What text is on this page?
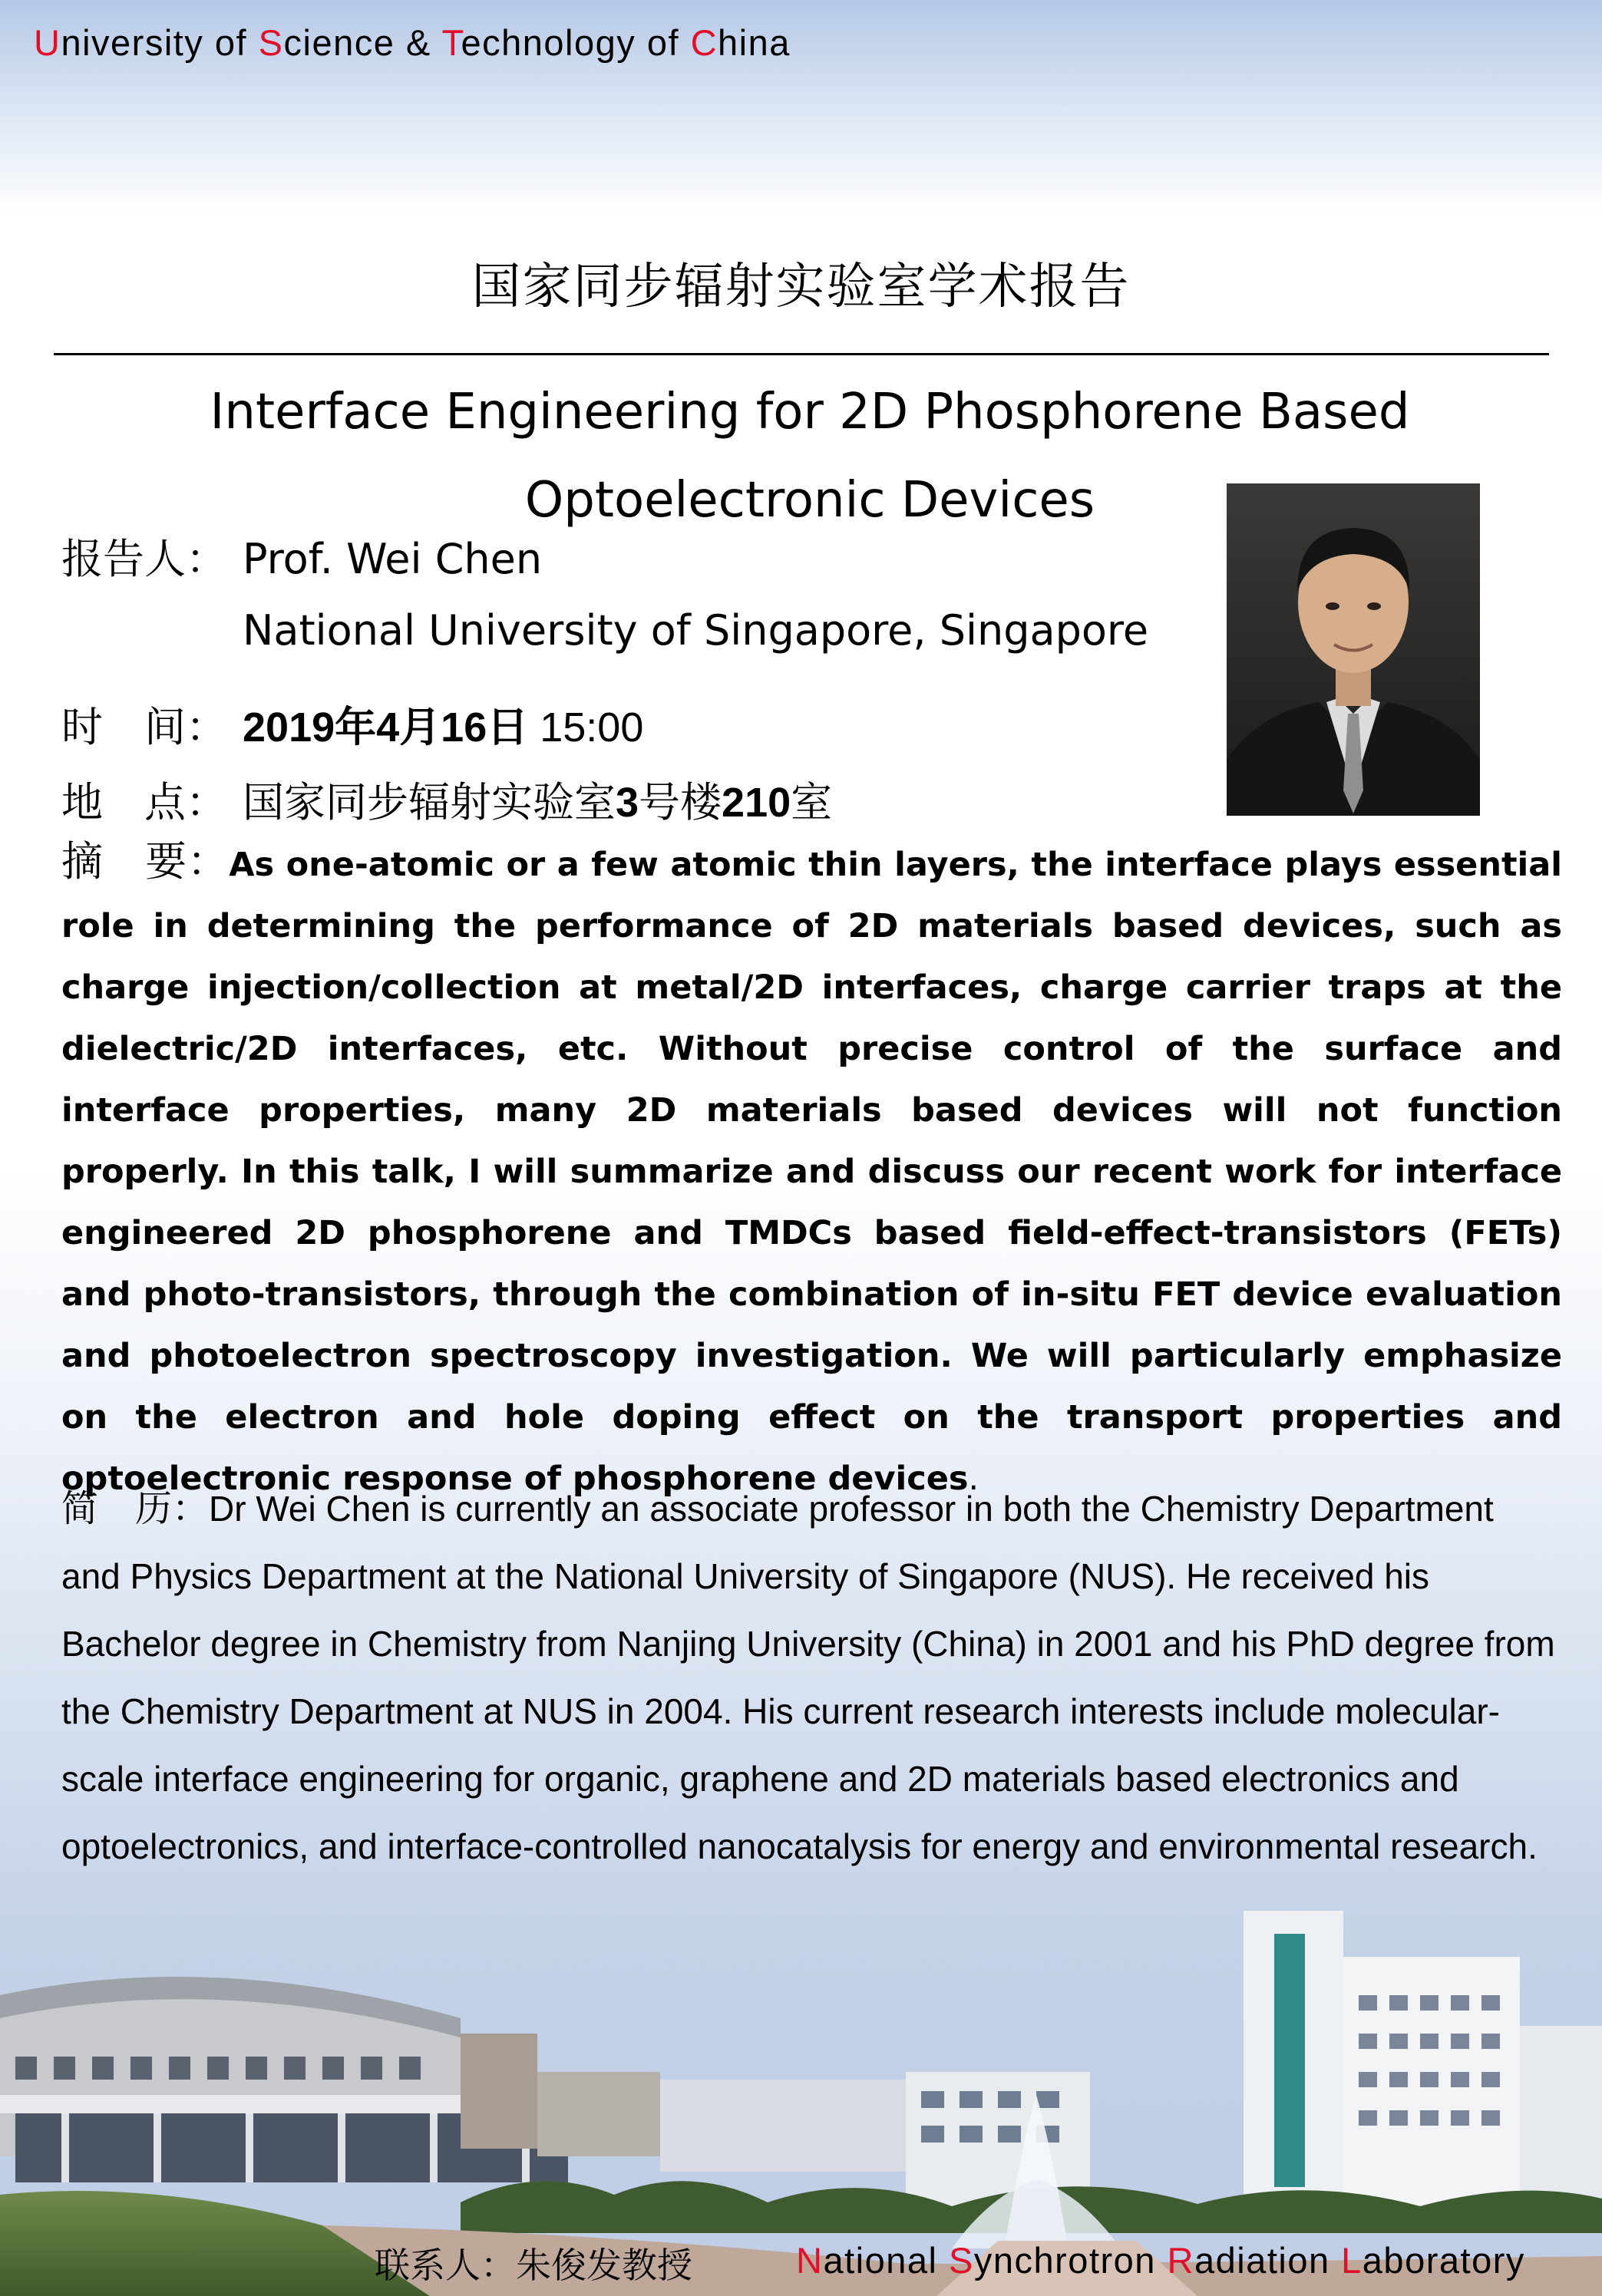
University of Science & Technology of China
国家同步辐射实验室学术报告
Interface Engineering for 2D Phosphorene Based
Optoelectronic Devices
报告人： Prof. Wei Chen
National University of Singapore, Singapore
时　间： 2019年4月16日 15:00
地　点： 国家同步辐射实验室3号楼210室
摘　要：As one-atomic or a few atomic thin layers, the interface plays essential role in determining the performance of 2D materials based devices, such as charge injection/collection at metal/2D interfaces, charge carrier traps at the dielectric/2D interfaces, etc. Without precise control of the surface and interface properties, many 2D materials based devices will not function properly. In this talk, I will summarize and discuss our recent work for interface engineered 2D phosphorene and TMDCs based field-effect-transistors (FETs) and photo-transistors, through the combination of in-situ FET device evaluation and photoelectron spectroscopy investigation. We will particularly emphasize on the electron and hole doping effect on the transport properties and optoelectronic response of phosphorene devices.
简　历：Dr Wei Chen is currently an associate professor in both the Chemistry Department and Physics Department at the National University of Singapore (NUS). He received his Bachelor degree in Chemistry from Nanjing University (China) in 2001 and his PhD degree from the Chemistry Department at NUS in 2004. His current research interests include molecular-scale interface engineering for organic, graphene and 2D materials based electronics and optoelectronics, and interface-controlled nanocatalysis for energy and environmental research.
联系人：朱俊发教授	National Synchrotron Radiation Laboratory
